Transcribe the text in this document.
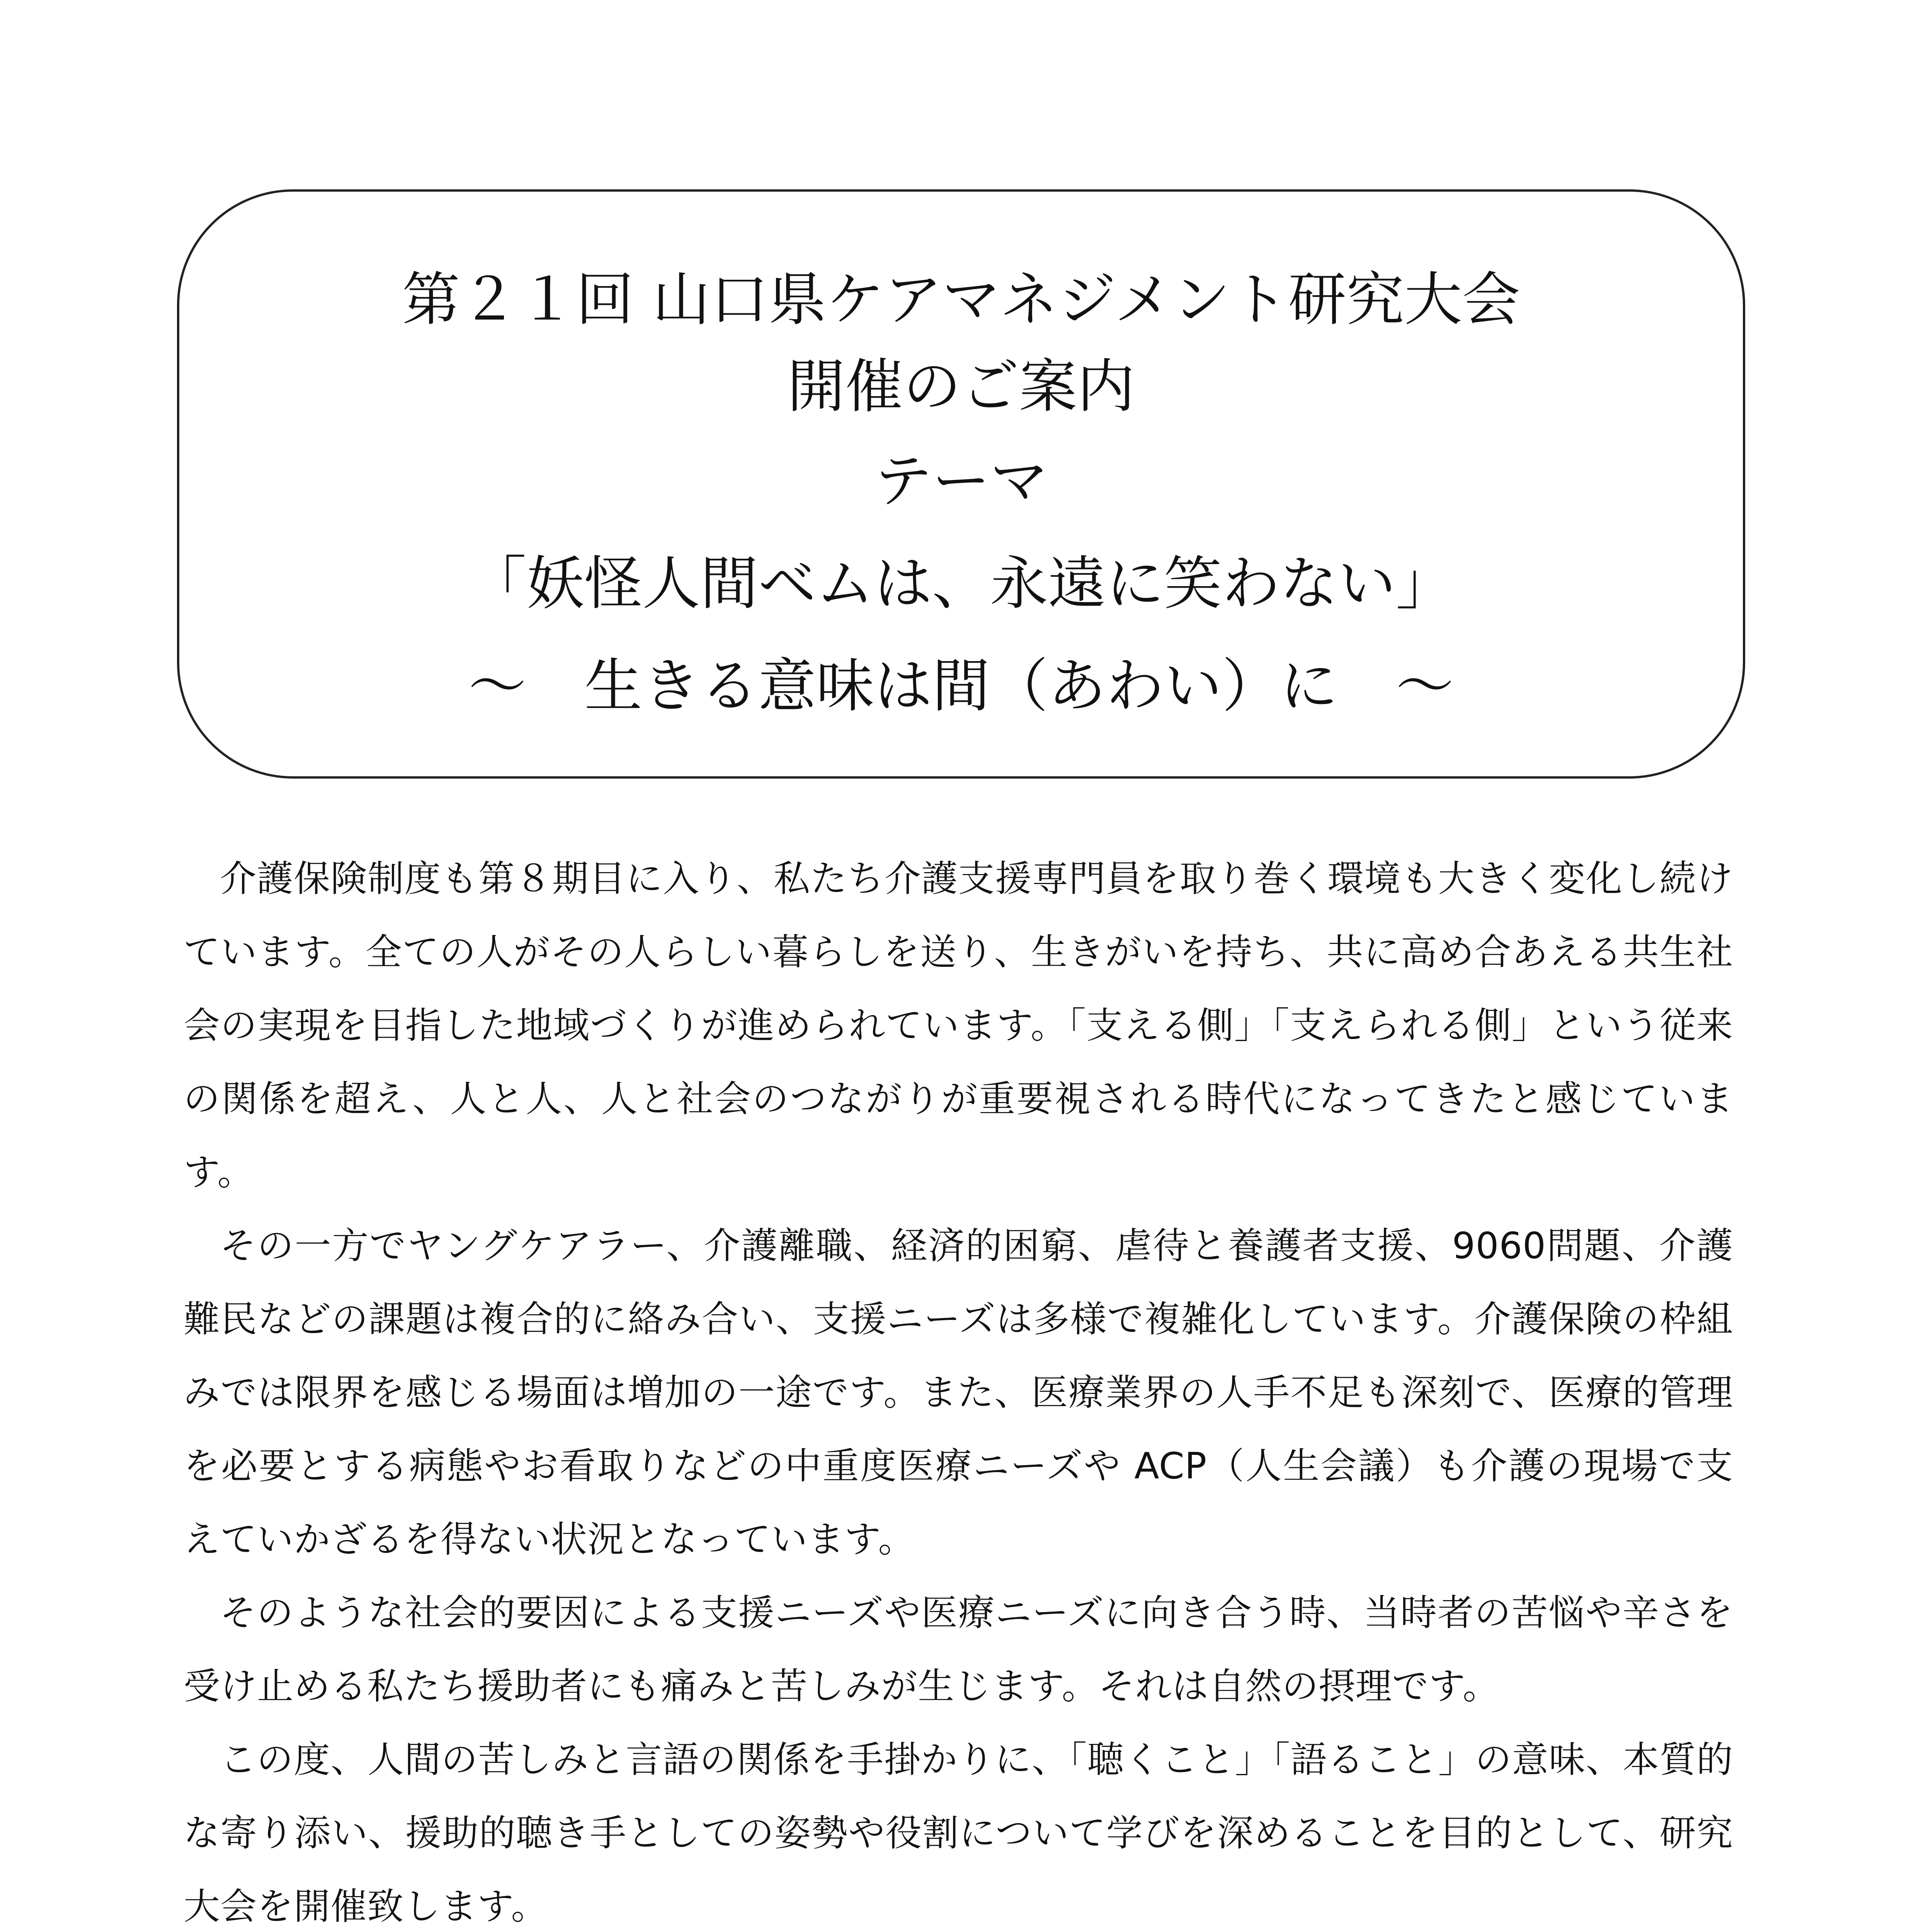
第２１回 山口県ケアマネジメント研究大会
開催のご案内
テーマ
「妖怪人間ベムは、永遠に笑わない」
～　生きる意味は間（あわい）に　～

介護保険制度も第８期目に入り、私たち介護支援専門員を取り巻く環境も大きく変化し続けています。全ての人がその人らしい暮らしを送り、生きがいを持ち、共に高め合あえる共生社会の実現を目指した地域づくりが進められています。「支える側」「支えられる側」という従来の関係を超え、人と人、人と社会のつながりが重要視される時代になってきたと感じています。

その一方でヤングケアラー、介護離職、経済的困窮、虐待と養護者支援、9060問題、介護難民などの課題は複合的に絡み合い、支援ニーズは多様で複雑化しています。介護保険の枠組みでは限界を感じる場面は増加の一途です。また、医療業界の人手不足も深刻で、医療的管理を必要とする病態やお看取りなどの中重度医療ニーズや ACP（人生会議）も介護の現場で支えていかざるを得ない状況となっています。

そのような社会的要因による支援ニーズや医療ニーズに向き合う時、当時者の苦悩や辛さを受け止める私たち援助者にも痛みと苦しみが生じます。それは自然の摂理です。

この度、人間の苦しみと言語の関係を手掛かりに、「聴くこと」「語ること」の意味、本質的な寄り添い、援助的聴き手としての姿勢や役割について学びを深めることを目的として、研究大会を開催致します。
